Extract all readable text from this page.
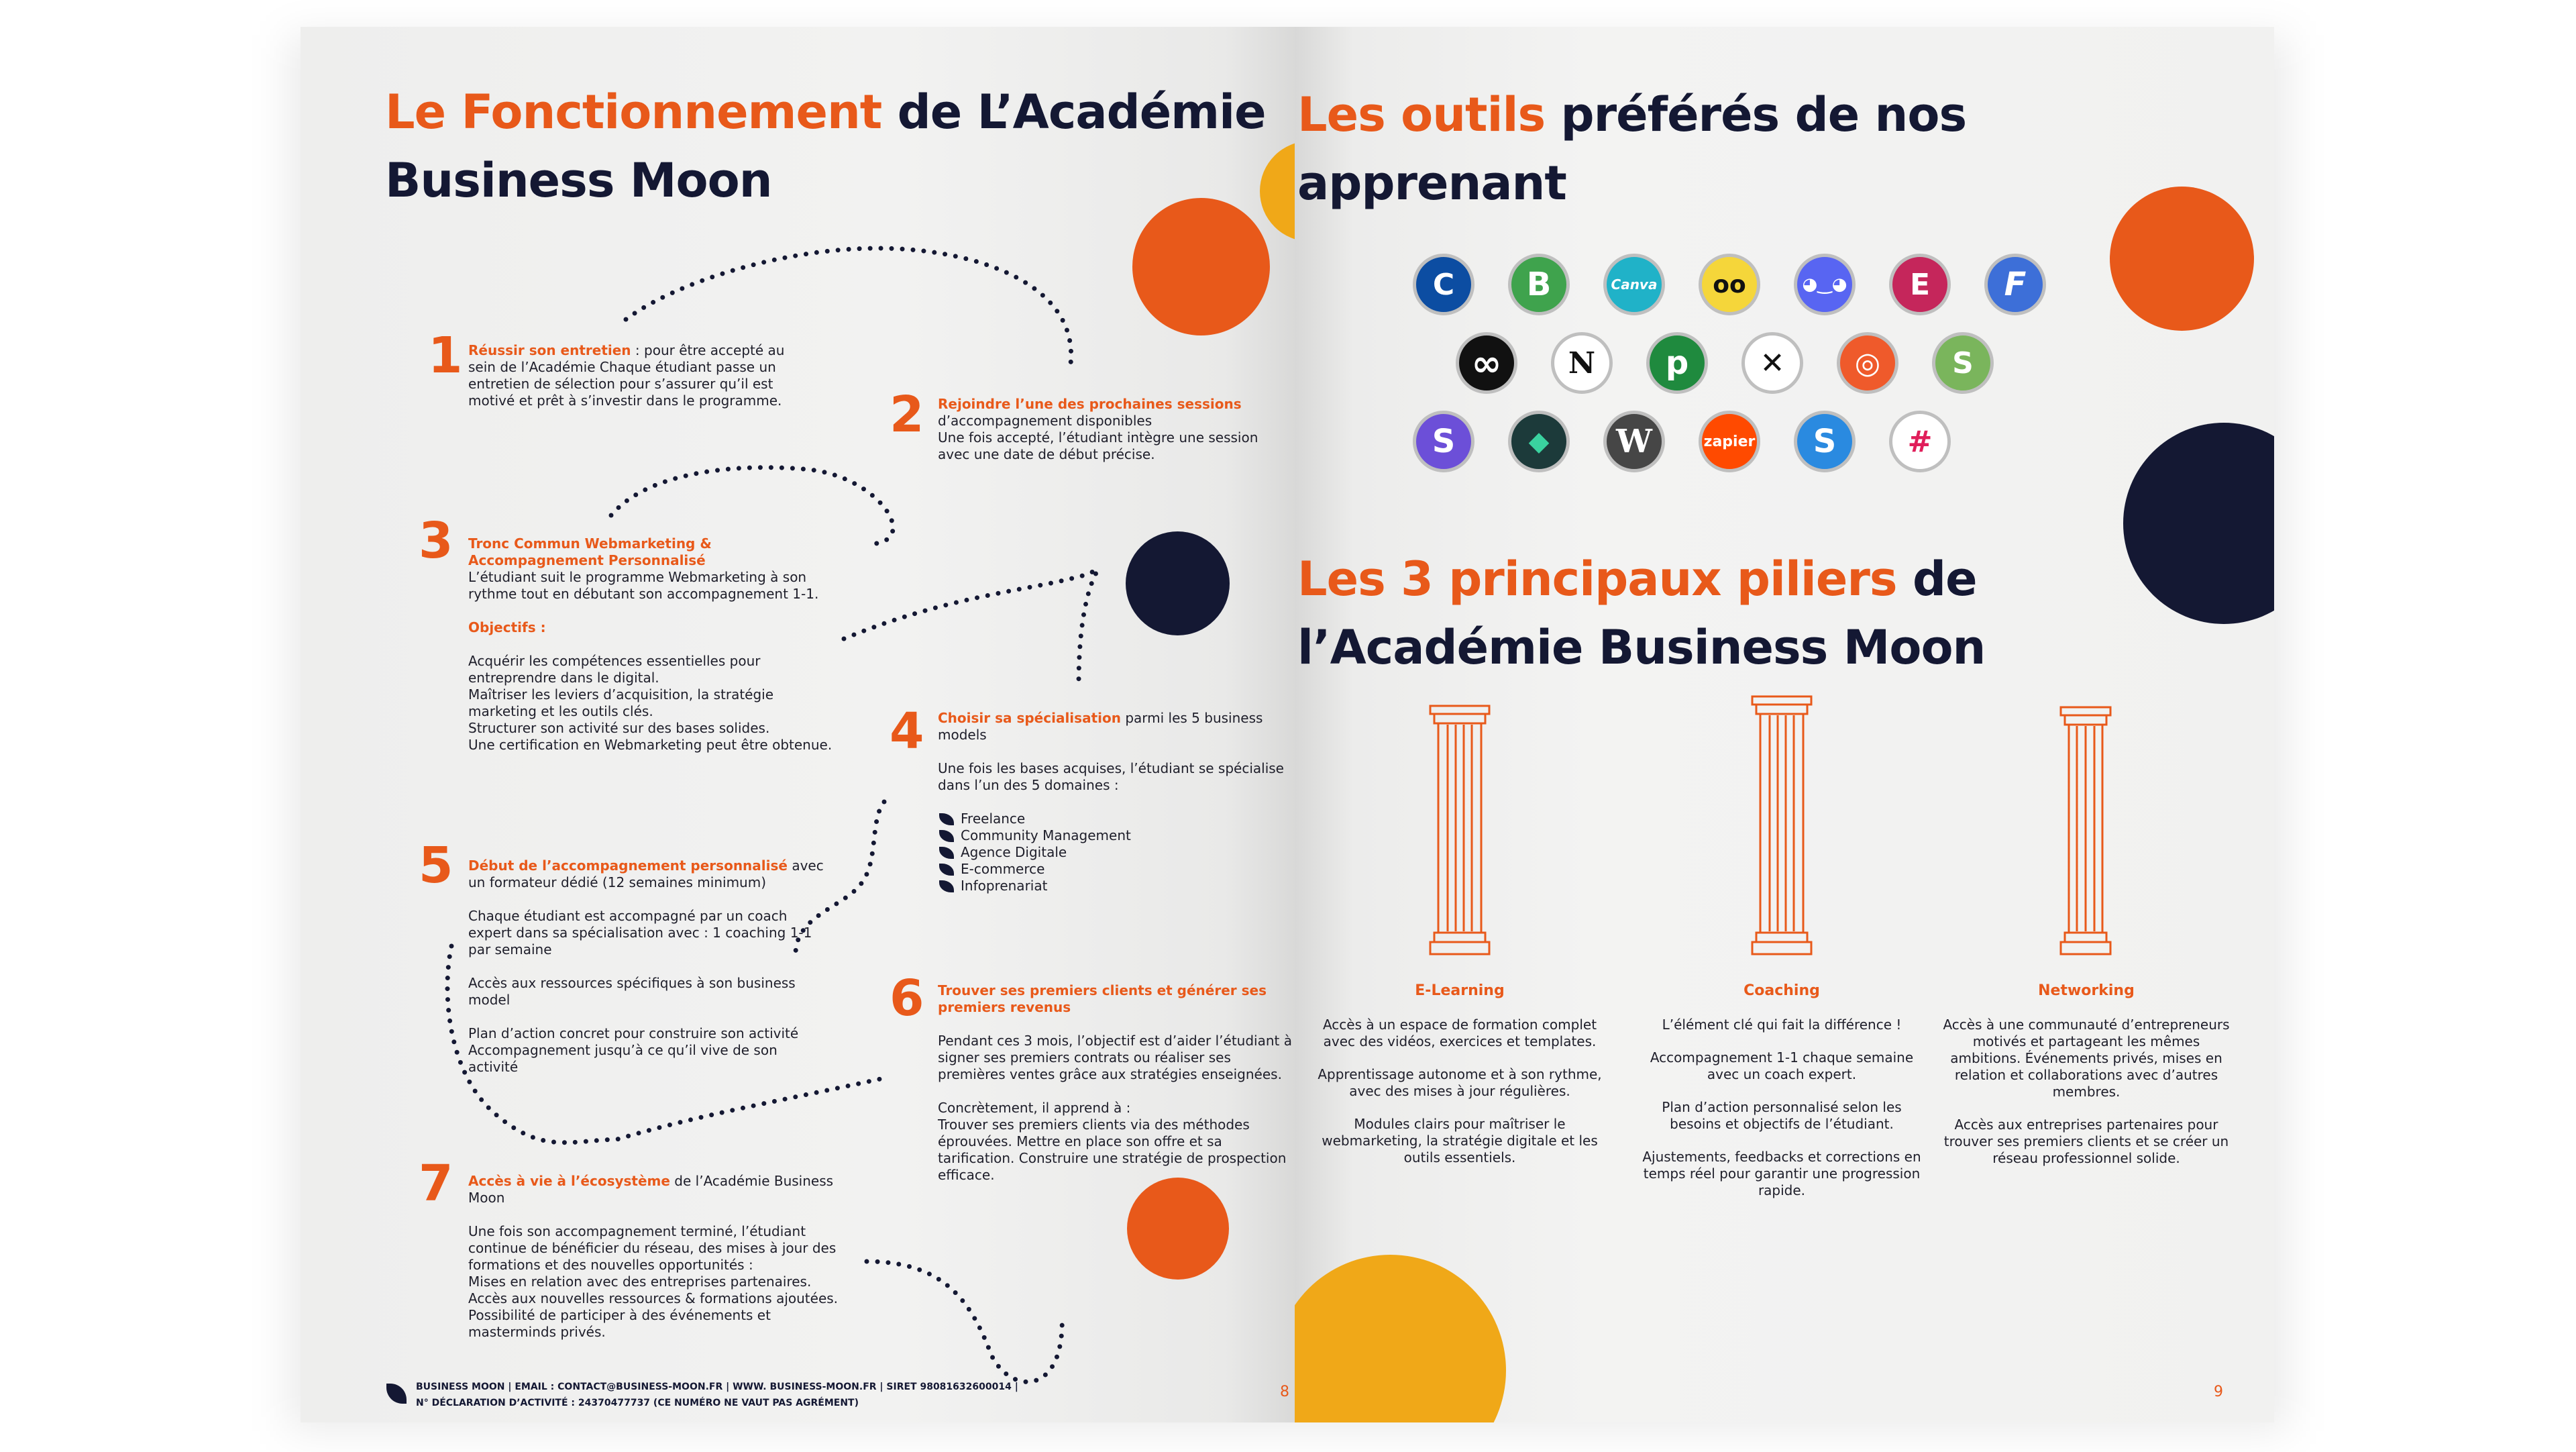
Le Fonctionnement de L’Académie
Business Moon
1 Réussir son entretien : pour être accepté au sein de l’Académie Chaque étudiant passe un entretien de sélection pour s’assurer qu’il est motivé et prêt à s’investir dans le programme. 2 Rejoindre l’une des prochaines sessions d’accompagnement disponibles
Une fois accepté, l’étudiant intègre une session avec une date de début précise.
3 Tronc Commun Webmarketing & Accompagnement Personnalisé

L’étudiant suit le programme Webmarketing à son rythme tout en débutant son accompagnement 1-1.

Objectifs :

Acquérir les compétences essentielles pour entreprendre dans le digital.
Maîtriser les leviers d’acquisition, la stratégie marketing et les outils clés.
Structurer son activité sur des bases solides.
Une certification en Webmarketing peut être obtenue. 4 Choisir sa spécialisation parmi les 5 business models

Une fois les bases acquises, l’étudiant se spécialise dans l’un des 5 domaines :

Freelance
Community Management
Agence Digitale
E-commerce
Infoprenariat
5 Début de l’accompagnement personnalisé avec un formateur dédié (12 semaines minimum)

Chaque étudiant est accompagné par un coach expert dans sa spécialisation avec : 1 coaching 1-1 par semaine

Accès aux ressources spécifiques à son business model

Plan d’action concret pour construire son activité
Accompagnement jusqu’à ce qu’il vive de son activité

6 Trouver ses premiers clients et générer ses premiers revenus

Pendant ces 3 mois, l’objectif est d’aider l’étudiant à signer ses premiers contrats ou réaliser ses premières ventes grâce aux stratégies enseignées.

Concrètement, il apprend à :
Trouver ses premiers clients via des méthodes éprouvées. Mettre en place son offre et sa tarification. Construire une stratégie de prospection efficace.

7 Accès à vie à l’écosystème de l’Académie Business Moon

Une fois son accompagnement terminé, l’étudiant continue de bénéficier du réseau, des mises à jour des formations et des nouvelles opportunités :
Mises en relation avec des entreprises partenaires.
Accès aux nouvelles ressources & formations ajoutées.
Possibilité de participer à des événements et masterminds privés.

BUSINESS MOON | EMAIL : CONTACT@BUSINESS-MOON.FR | WWW. BUSINESS-MOON.FR | SIRET 98081632600014 |
N° DÉCLARATION D’ACTIVITÉ : 24370477737 (CE NUMÉRO NE VAUT PAS AGRÉMENT)
8
Les outils préférés de nos
apprenant
C	B	Canva	oo	◕‿◕	E	F
∞	N	p	✕	◎	S
S	◆	W	zapier	S	#
Les 3 principaux piliers de
l’Académie Business Moon
E-Learning

Accès à un espace de formation complet avec des vidéos, exercices et templates.

Apprentissage autonome et à son rythme, avec des mises à jour régulières.

Modules clairs pour maîtriser le webmarketing, la stratégie digitale et les outils essentiels.

Coaching

L’élément clé qui fait la différence !

Accompagnement 1-1 chaque semaine avec un coach expert.

Plan d’action personnalisé selon les besoins et objectifs de l’étudiant.

Ajustements, feedbacks et corrections en temps réel pour garantir une progression rapide.

Networking

Accès à une communauté d’entrepreneurs motivés et partageant les mêmes ambitions. Événements privés, mises en relation et collaborations avec d’autres membres.

Accès aux entreprises partenaires pour trouver ses premiers clients et se créer un réseau professionnel solide.

9
